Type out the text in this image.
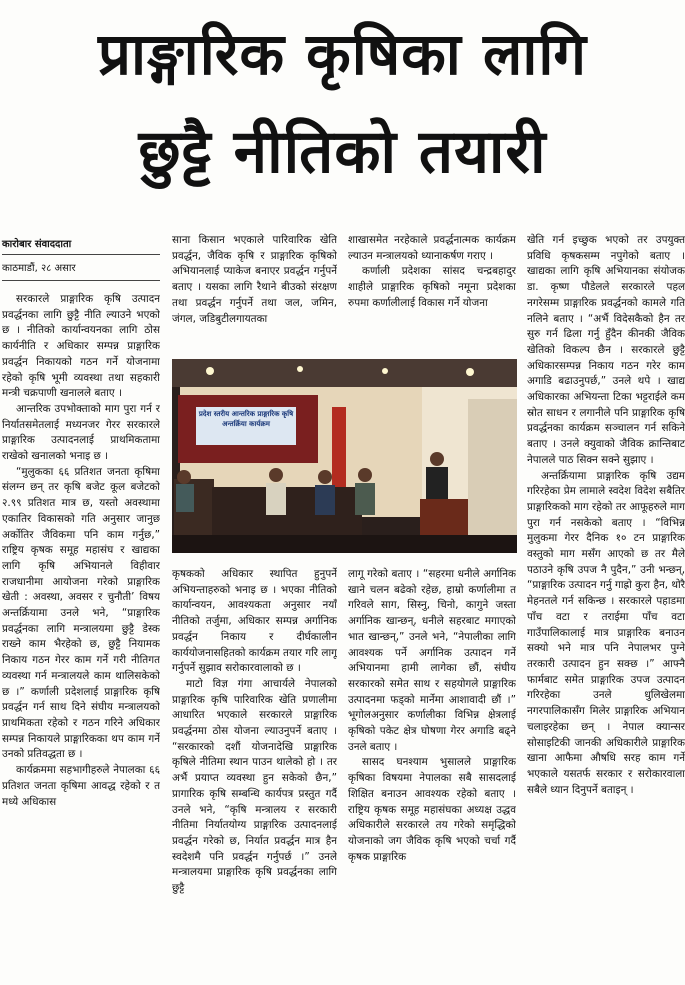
प्राङ्गारिक कृषिका लागि
छुट्टै नीतिको तयारी
कारोबार संवाददाता
काठमाडौं, २८ असार

सरकारले प्राङ्गारिक कृषि उत्पादन प्रवर्द्धनका लागि छुट्टै नीति ल्याउने भएको छ । नीतिको कार्यान्वयनका लागि ठोस कार्यनीति र अधिकार सम्पन्न प्राङ्गारिक प्रवर्द्धन निकायको गठन गर्ने योजनामा रहेको कृषि भूमी व्यवस्था तथा सहकारी मन्त्री चक्रपाणी खनालले बताए ।

आन्तरिक उपभोक्ताको माग पुरा गर्न र निर्यातसमेतलाई मध्यनजर गेरर सरकारले प्राङ्गारिक उत्पादनलाई प्राथमिकतामा राखेको खनालको भनाइ छ ।

“मुलुकका ६६ प्रतिशत जनता कृषिमा संलग्न छन् तर कृषि बजेट कूल बजेटको २.९९ प्रतिशत मात्र छ, यस्तो अवस्थामा एकातिर विकासको गति अनुसार जानुछ अर्कोतिर जैविकमा पनि काम गर्नुछ,” राष्ट्रिय कृषक समूह महासंघ र खाद्यका लागि कृषि अभियानले विहीवार राजधानीमा आयोजना गरेको प्राङ्गारिक खेती : अवस्था, अवसर र चुनौती’ विषय अन्तर्क्रियामा उनले भने, “प्राङ्गारिक प्रवर्द्धनका लागि मन्त्रालयमा छुट्टै डेस्क राख्ने काम भैरहेको छ, छुट्टै नियामक निकाय गठन गेरर काम गर्ने गरी नीतिगत व्यवस्था गर्न मन्त्रालयले काम थालिसकेको छ ।” कर्णाली प्रदेशलाई प्राङ्गारिक कृषि प्रवर्द्धन गर्न साथ दिने संघीय मन्त्रालयको प्राथमिकता रहेको र गठन गरिने अधिकार सम्पन्न निकायले प्राङ्गारिकका थप काम गर्ने उनको प्रतिवद्धता छ ।

कार्यक्रममा सहभागीहरुले नेपालका ६६ प्रतिशत जनता कृषिमा आवद्ध रहेको र त मध्ये अधिकास

साना किसान भएकाले पारिवारिक खेति प्रवर्द्धन, जैविक कृषि र प्राङ्गारिक कृषिको अभियानलाई प्याकेज बनाएर प्रवर्द्धन गर्नुपर्ने बताए । यसका लागि रैथाने बीउको संरक्षण तथा प्रवर्द्धन गर्नुपर्ने तथा जल, जमिन, जंगल, जडिबुटीलगायतका

शाखासमेत नरहेकाले प्रवर्द्धनात्मक कार्यक्रम ल्याउन मन्त्रालयको ध्यानाकर्षण गराए ।

कर्णाली प्रदेशका सांसद चन्द्रबहादुर शाहीले प्राङ्गारिक कृषिको नमूना प्रदेशका रुपमा कर्णालीलाई विकास गर्ने योजना

प्रदेश स्तरीय आन्तरिक प्राङ्गारिक कृषि अन्तर्क्रिया कार्यक्रम

कृषकको अधिकार स्थापित हुनुपर्ने अभियन्ताहरुको भनाइ छ । भएका नीतिको कार्यान्वयन, आवश्यकता अनुसार नयाँ नीतिको तर्जुमा, अधिकार सम्पन्न अर्गानिक प्रवर्द्धन निकाय र दीर्घकालीन कार्ययोजनासहितको कार्यक्रम तयार गरि लागू गर्नुपर्ने सुझाव सरोकारवालाको छ ।

माटो विज्ञ गंगा आचार्यले नेपालको प्राङ्गारिक कृषि पारिवारिक खेति प्रणालीमा आधारित भएकाले सरकारले प्राङ्गारिक प्रवर्द्धनमा ठोस योजना ल्याउनुपर्ने बताए । “सरकारको दशौं योजनादेखि प्राङ्गारिक कृषिले नीतिमा स्थान पाउन थालेको हो । तर अर्भै प्रयाप्त व्यवस्था हुन सकेको छैन,” प्रागारिक कृषि सम्बन्धि कार्यपत्र प्रस्तुत गर्दै उनले भने, “कृषि मन्त्रालय र सरकारी नीतिमा निर्यातयोग्य प्राङ्गारिक उत्पादनलाई प्रवर्द्धन गरेको छ, निर्यात प्रवर्द्धन मात्र हैन स्वदेशमै पनि प्रवर्द्धन गर्नुपर्छ ।” उनले मन्त्रालयमा प्राङ्गारिक कृषि प्रवर्द्धनका लागि छुट्टै

लागू गरेको बताए । “सहरमा धनीले अर्गानिक खाने चलन बढेको रहेछ, हाम्रो कर्णालीमा त गरिवले साग, सिस्नु, चिनो, कागुने जस्ता अर्गानिक खान्छन्, धनीले सहरबाट मगाएको भात खान्छन्,” उनले भने, “नेपालीका लागि आवश्यक पर्ने अर्गानिक उत्पादन गर्ने अभियानमा हामी लागेका छौं, संघीय सरकारको समेत साथ र सहयोगले प्राङ्गारिक उत्पादनमा फड्को मार्नेमा आशावादी छौं ।” भूगोलअनुसार कर्णालीका विभिन्न क्षेत्रलाई कृषिको पकेट क्षेत्र घोषणा गेरर अगाडि बढ्ने उनले बताए ।

सासद घनश्याम भुसालले प्राङ्गारिक कृषिका विषयमा नेपालका सबै सासदलाई शिक्षित बनाउन आवश्यक रहेको बताए । राष्ट्रिय कृषक समूह महासंघका अध्यक्ष उद्धव अधिकारीले सरकारले तय गरेको समृद्धिको योजनाको जग जैविक कृषि भएको चर्चा गर्दै कृषक प्राङ्गारिक

खेति गर्न इच्छुक भएको तर उपयुक्त प्रविधि कृषकसम्म नपुगेको बताए । खाद्यका लागि कृषि अभियानका संयोजक डा. कृष्ण पौडेलले सरकारले पहल नगरेसम्म प्राङ्गारिक प्रवर्द्धनको कामले गति नलिने बताए । “अर्भै विदेसकैको हैन तर सुरु गर्न ढिला गर्नु हुँदैन कीनकी जैविक खेतिको विकल्प छैन । सरकारले छुट्टै अधिकारसम्पन्न निकाय गठन गरेर काम अगाडि बढाउनुपर्छ,” उनले थपे । खाद्य अधिकारका अभियन्ता टिका भट्टराईले कम स्रोत साधन र लगानीले पनि प्राङ्गारिक कृषि प्रवर्द्धनका कार्यक्रम सञ्चालन गर्न सकिने बताए । उनले क्युवाको जैविक क्रान्तिबाट नेपालले पाठ सिक्न सक्ने सुझाए ।

अन्तर्क्रियामा प्राङ्गारिक कृषि उद्यम गरिरहेका प्रेम लामाले स्वदेश विदेश सबैतिर प्राङ्गारिकको माग रहेको तर आफूहरुले माग पुरा गर्न नसकेको बताए । “विभिन्न मुलुकमा गेरर दैनिक १० टन प्राङ्गारिक वस्तुको माग मसँग आएको छ तर मैले पठाउने कृषि उपज नै पुदैन,” उनी भन्छन्, “प्राङ्गारिक उत्पादन गर्नु गाह्रो कुरा हैन, थोरै मेहनतले गर्न सकिन्छ । सरकारले पहाडमा पाँच वटा र तराईमा पाँच वटा गाउँपालिकालाई मात्र प्राङ्गारिक बनाउन सक्यो भने मात्र पनि नेपालभर पुग्ने तरकारी उत्पादन हुन सक्छ ।” आफ्नै फार्मबाट समेत प्राङ्गारिक उपज उत्पादन गरिरहेका उनले धुलिखेलमा नगरपालिकासँग मिलेर प्राङ्गारिक अभियान चलाइरहेका छन् । नेपाल क्यान्सर सोसाइटिकी जानकी अधिकारीले प्राङ्गारिक खाना आफैमा औषधि सरह काम गर्ने भएकाले यसतर्फ सरकार र सरोकारवाला सबैले ध्यान दिनुपर्ने बताइन् ।
